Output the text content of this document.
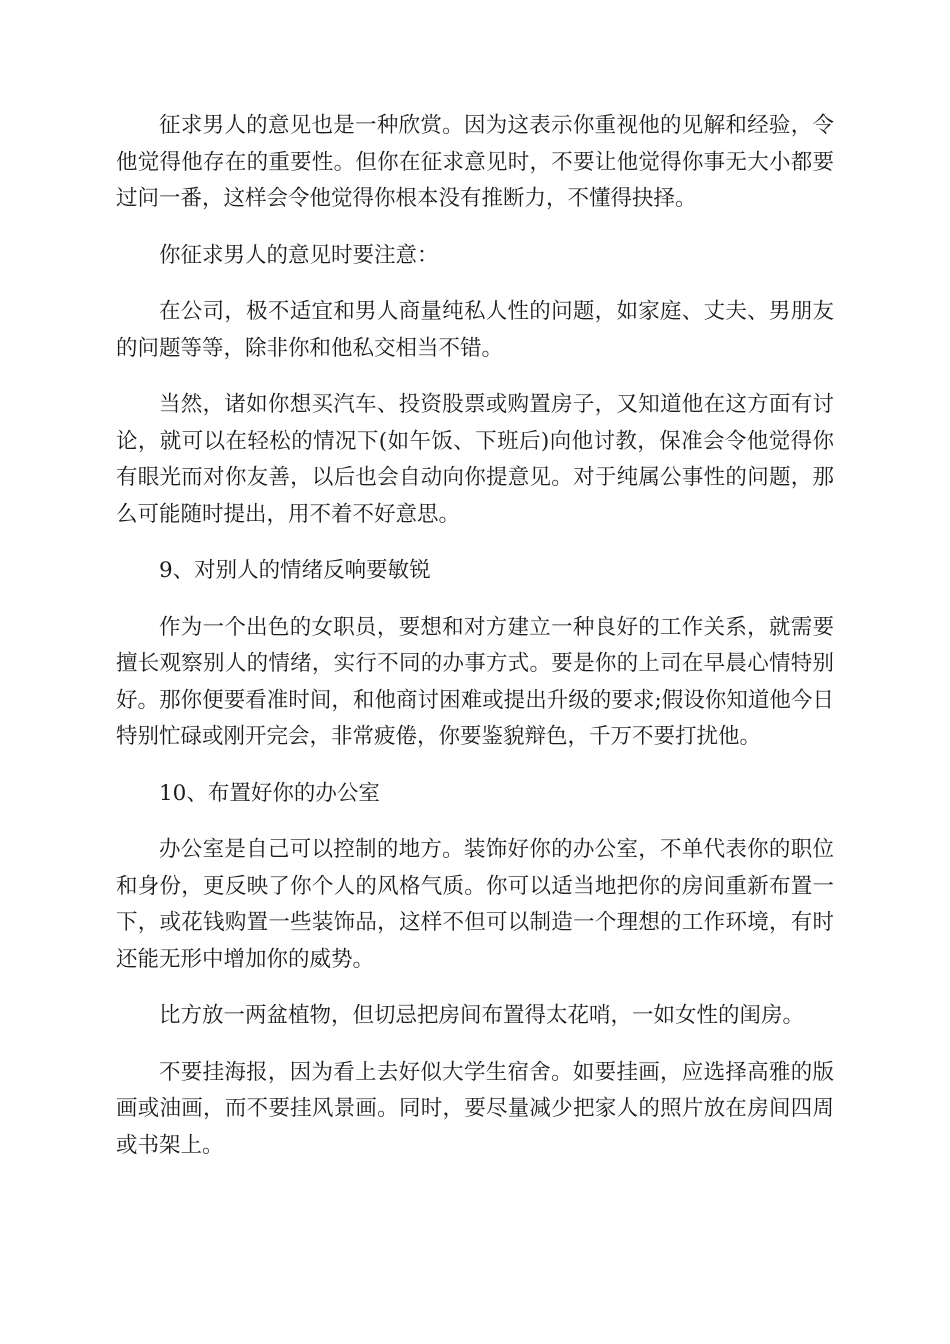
征求男人的意见也是一种欣赏。因为这表示你重视他的见解和经验，令他觉得他存在的重要性。但你在征求意见时，不要让他觉得你事无大小都要过问一番，这样会令他觉得你根本没有推断力，不懂得抉择。

你征求男人的意见时要注意：

在公司，极不适宜和男人商量纯私人性的问题，如家庭、丈夫、男朋友的问题等等，除非你和他私交相当不错。

当然，诸如你想买汽车、投资股票或购置房子，又知道他在这方面有讨论，就可以在轻松的情况下(如午饭、下班后)向他讨教，保准会令他觉得你有眼光而对你友善，以后也会自动向你提意见。对于纯属公事性的问题，那么可能随时提出，用不着不好意思。

9、对别人的情绪反响要敏锐

作为一个出色的女职员，要想和对方建立一种良好的工作关系，就需要擅长观察别人的情绪，实行不同的办事方式。要是你的上司在早晨心情特别好。那你便要看准时间，和他商讨困难或提出升级的要求;假设你知道他今日特别忙碌或刚开完会，非常疲倦，你要鉴貌辩色，千万不要打扰他。

10、布置好你的办公室

办公室是自己可以控制的地方。装饰好你的办公室，不单代表你的职位和身份，更反映了你个人的风格气质。你可以适当地把你的房间重新布置一下，或花钱购置一些装饰品，这样不但可以制造一个理想的工作环境，有时还能无形中增加你的威势。

比方放一两盆植物，但切忌把房间布置得太花哨，一如女性的闺房。

不要挂海报，因为看上去好似大学生宿舍。如要挂画，应选择高雅的版画或油画，而不要挂风景画。同时，要尽量减少把家人的照片放在房间四周或书架上。
